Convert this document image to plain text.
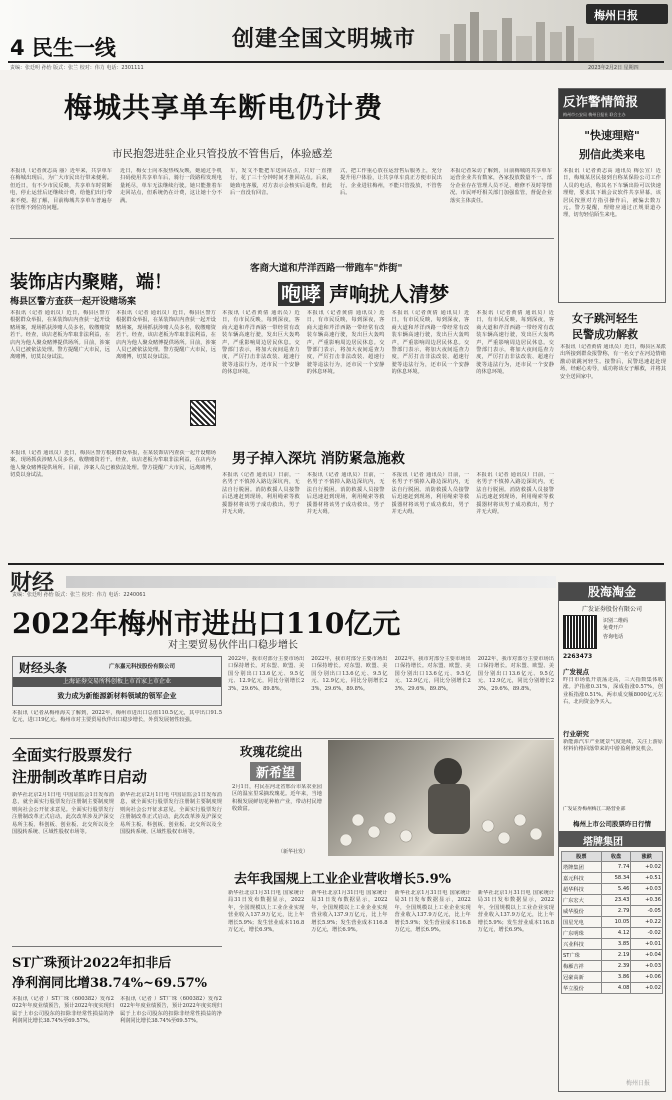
4 民生一线	创建全国文明城市
梅州日报
责编：张廷明 孙怡 版式：张兰 校对：伟力 电话：2301111	2023年2月2日 星期四
梅城共享单车断电仍计费
市民抱怨进驻企业只管投放不管售后，体验感差
本报讯（记者黄志高 丽）近年来，共享单车在梅城出现后，为广大市民出行带来便利。但近日，有不少市民反映，共享单车时常断电，停止运营后还继续计费，给他们出行带来不便。据了解，目前梅城共享单车普遍存在管理不到位的问题。
近日，梅女士向本报热线反映，她通过手机扫码使用共享单车后，骑行一段路程发现电量耗尽，单车无法继续行驶。她只能推着车走回站点，但系统仍在计费，这让她十分不满。
车，发文不能把车送回站点，只好一直推行，花了三十分钟时间才推回站点。后来，她致电客服，对方表示会核实后退费，但此后一直没有回音。
式，把工作重心放在运营售后服务上，充分提升用户体验，让共享单车真正方便市民出行。企业进驻梅州，不能只管投放，不管售后。
本报记者采访了解到，目前梅城的共享单车运营企业共有数家，各家投放数量不一。部分企业存在管理人员不足、维修不及时等情况。市民呼吁相关部门加强监管，督促企业落实主体责任。
反诈警情简报
梅州市公安局 梅州日报社 联合主办
"快速理赔"
别信此类来电
本报讯（记者黄志高 通讯员 梅公宣）近日，梅城某居民接到自称某保险公司工作人员的电话，称其名下车辆出险可以快速理赔，要求其下载会议软件共享屏幕。该居民按照对方指引操作后，被骗去数万元。警方提醒，理赔应通过正规渠道办理，切勿轻信陌生来电。
装饰店内聚赌，端！
梅县区警方查获一起开设赌场案
本报讯（记者 通讯员）近日，梅县区警方根据群众举报，在某装饰店内查获一起开设赌场案，现场抓获涉赌人员多名，收缴赌资若干。经查，该店老板为牟取非法利益，在店内为他人聚众赌博提供场所。目前，涉案人员已被依法处理。警方提醒广大市民，远离赌博，切莫以身试法。
本报讯（记者 通讯员）近日，梅县区警方根据群众举报，在某装饰店内查获一起开设赌场案，现场抓获涉赌人员多名，收缴赌资若干。经查，该店老板为牟取非法利益，在店内为他人聚众赌博提供场所。目前，涉案人员已被依法处理。警方提醒广大市民，远离赌博，切莫以身试法。
客商大道和芹洋西路一带跑车"炸街"
咆哮 声响扰人清梦
本报讯（记者黄倩 通讯员）近日，有市民反映，每到深夜，客商大道和芹洋西路一带经常有改装车辆高速行驶，发出巨大轰鸣声，严重影响周边居民休息。交警部门表示，将加大夜间巡查力度，严厉打击非法改装、超速行驶等违法行为，还市民一个安静的休息环境。
本报讯（记者黄倩 通讯员）近日，有市民反映，每到深夜，客商大道和芹洋西路一带经常有改装车辆高速行驶，发出巨大轰鸣声，严重影响周边居民休息。交警部门表示，将加大夜间巡查力度，严厉打击非法改装、超速行驶等违法行为，还市民一个安静的休息环境。
本报讯（记者黄倩 通讯员）近日，有市民反映，每到深夜，客商大道和芹洋西路一带经常有改装车辆高速行驶，发出巨大轰鸣声，严重影响周边居民休息。交警部门表示，将加大夜间巡查力度，严厉打击非法改装、超速行驶等违法行为，还市民一个安静的休息环境。
本报讯（记者黄倩 通讯员）近日，有市民反映，每到深夜，客商大道和芹洋西路一带经常有改装车辆高速行驶，发出巨大轰鸣声，严重影响周边居民休息。交警部门表示，将加大夜间巡查力度，严厉打击非法改装、超速行驶等违法行为，还市民一个安静的休息环境。
女子跳河轻生
民警成功解救
本报讯（记者黄倩 通讯员）近日，梅县区某派出所接到群众报警称，有一名女子在河边情绪激动欲跳河轻生。接警后，民警迅速赶赴现场，经耐心劝导，成功将该女子解救，并将其安全送回家中。
男子掉入深坑 消防紧急施救
本报讯（记者 通讯员）日前，一名男子不慎掉入路边深坑内，无法自行脱困。消防救援人员接警后迅速赶到现场，利用绳索等救援器材将该男子成功救出，男子并无大碍。
本报讯（记者 通讯员）日前，一名男子不慎掉入路边深坑内，无法自行脱困。消防救援人员接警后迅速赶到现场，利用绳索等救援器材将该男子成功救出，男子并无大碍。
本报讯（记者 通讯员）日前，一名男子不慎掉入路边深坑内，无法自行脱困。消防救援人员接警后迅速赶到现场，利用绳索等救援器材将该男子成功救出，男子并无大碍。
本报讯（记者 通讯员）日前，一名男子不慎掉入路边深坑内，无法自行脱困。消防救援人员接警后迅速赶到现场，利用绳索等救援器材将该男子成功救出，男子并无大碍。
本报讯（记者 通讯员）近日，梅县区警方根据群众举报，在某装饰店内查获一起开设赌场案，现场抓获涉赌人员多名，收缴赌资若干。经查，该店老板为牟取非法利益，在店内为他人聚众赌博提供场所。目前，涉案人员已被依法处理。警方提醒广大市民，远离赌博，切莫以身试法。
财经
责编：张廷明 孙怡 版式：张兰 校对：伟力 电话：2240061
2022年梅州市进出口110亿元
对主要贸易伙伴出口稳步增长
财经头条	广东嘉元科技股份有限公司
上海证券交易所科创板上市首家上市企业
致力成为新能源新材料领域的领军企业
本报讯（记者从梅州海关了解到，2022年，梅州市进出口总值110.5亿元，其中出口91.5亿元，进口19亿元。梅州市对主要贸易伙伴出口稳步增长，外贸发展韧性较强。
2022年，我市对部分主要市场出口保持增长。对东盟、欧盟、美国分别出口13.6亿元、9.5亿元、12.9亿元，同比分别增长23%、29.6%、89.8%。
2022年，我市对部分主要市场出口保持增长。对东盟、欧盟、美国分别出口13.6亿元、9.5亿元、12.9亿元，同比分别增长23%、29.6%、89.8%。
2022年，我市对部分主要市场出口保持增长。对东盟、欧盟、美国分别出口13.6亿元、9.5亿元、12.9亿元，同比分别增长23%、29.6%、89.8%。
2022年，我市对部分主要市场出口保持增长。对东盟、欧盟、美国分别出口13.6亿元、9.5亿元、12.9亿元，同比分别增长23%、29.6%、89.8%。
全面实行股票发行
注册制改革昨日启动
新华社北京2月1日电 中国证监会1日发布消息，就全面实行股票发行注册制主要制度规则向社会公开征求意见。全面实行股票发行注册制改革正式启动。此次改革涉及沪深交易所主板、科创板、创业板、北交所以及全国股转系统、区域性股权市场等。
新华社北京2月1日电 中国证监会1日发布消息，就全面实行股票发行注册制主要制度规则向社会公开征求意见。全面实行股票发行注册制改革正式启动。此次改革涉及沪深交易所主板、科创板、创业板、北交所以及全国股转系统、区域性股权市场等。
玫瑰花绽出
新希望
2月1日，村民在河北省邢台市某农业园区的温室里采摘玫瑰花。近年来，当地积极发展鲜切花种植产业，带动村民增收致富。
（新华社发）
去年我国规上工业企业营收增长5.9%
新华社北京1月31日电 国家统计局31日发布数据显示，2022年，全国规模以上工业企业实现营业收入137.9万亿元，比上年增长5.9%；发生营业成本116.8万亿元，增长6.9%。
新华社北京1月31日电 国家统计局31日发布数据显示，2022年，全国规模以上工业企业实现营业收入137.9万亿元，比上年增长5.9%；发生营业成本116.8万亿元，增长6.9%。
新华社北京1月31日电 国家统计局31日发布数据显示，2022年，全国规模以上工业企业实现营业收入137.9万亿元，比上年增长5.9%；发生营业成本116.8万亿元，增长6.9%。
新华社北京1月31日电 国家统计局31日发布数据显示，2022年，全国规模以上工业企业实现营业收入137.9万亿元，比上年增长5.9%；发生营业成本116.8万亿元，增长6.9%。
ST广珠预计2022年扣非后
净利润同比增38.74%~69.57%
本报讯（记者 ）ST广珠（600382）发布2022年年度业绩预告，预计2022年度实现归属于上市公司股东的扣除非经常性损益的净利润同比增长38.74%至69.57%。
本报讯（记者 ）ST广珠（600382）发布2022年年度业绩预告，预计2022年度实现归属于上市公司股东的扣除非经常性损益的净利润同比增长38.74%至69.57%。
股海淘金
广发证券股份有限公司
识别二维码
免费开户
咨询电话
2263473
广发视点
昨日市场低开震荡走高，三大指数集体收涨。沪指涨0.31%，深成指涨0.57%，创业板指涨0.51%。两市成交额8000亿元左右，北向资金净买入。
行业研究
新能源汽车产业链景气度延续，关注上游原材料价格回落带来的中游盈利修复机会。
广发证券梅州梅江二路营业部
梅州上市公司股票昨日行情
塔牌集团
股票	收盘	涨跌
塔牌集团	7.74	+0.02
嘉元科技	58.34	+0.51
超华科技	5.46	+0.03
广东宏大	23.43	+0.36
威华股份	2.79	-0.05
国星光电	10.05	+0.22
广东明珠	4.12	-0.02
兴业科技	3.85	+0.01
ST广珠	2.19	+0.04
梅雁吉祥	2.39	+0.03
冠豪高新	3.86	+0.06
华立股份	4.08	+0.02
梅州日报
